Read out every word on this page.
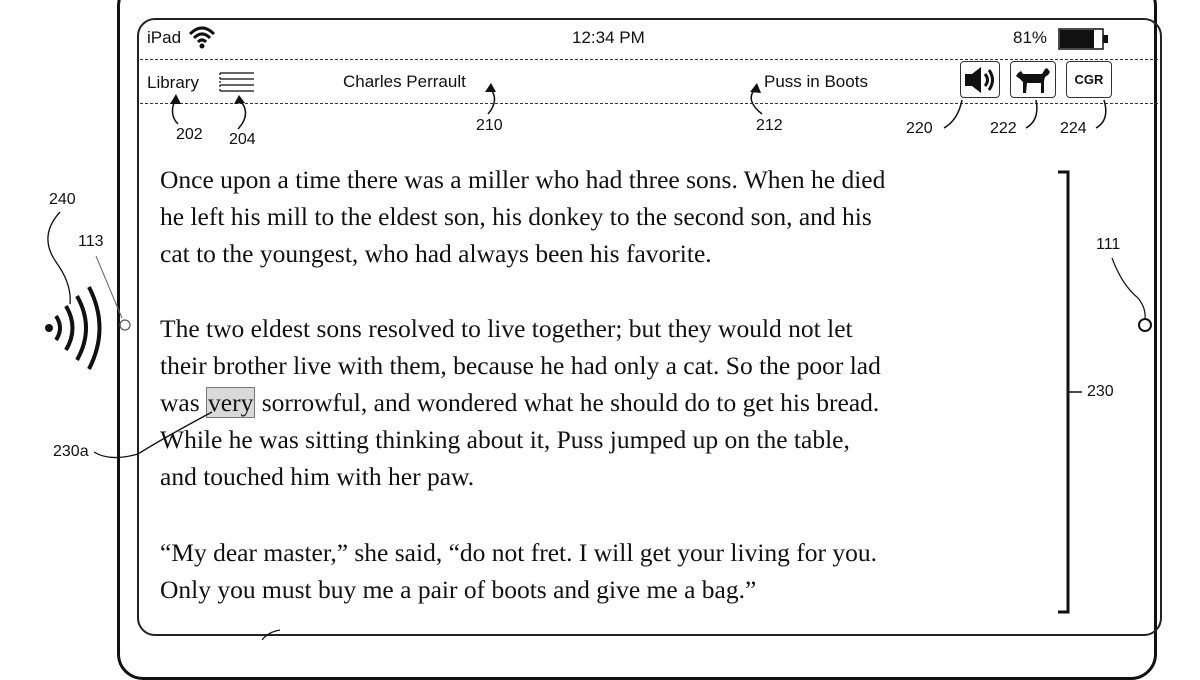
iPad	12:34 PM	81%
Library	Charles Perrault	Puss in Boots	CGR
202 204
210	212	220	222	224
240
113	111
230
230a
Once upon a time there was a miller who had three sons. When he died
he left his mill to the eldest son, his donkey to the second son, and his
cat to the youngest, who had always been his favorite.
The two eldest sons resolved to live together; but they would not let
their brother live with them, because he had only a cat. So the poor lad
was very sorrowful, and wondered what he should do to get his bread.
While he was sitting thinking about it, Puss jumped up on the table,
and touched him with her paw.
“My dear master,” she said, “do not fret. I will get your living for you.
Only you must buy me a pair of boots and give me a bag.”
